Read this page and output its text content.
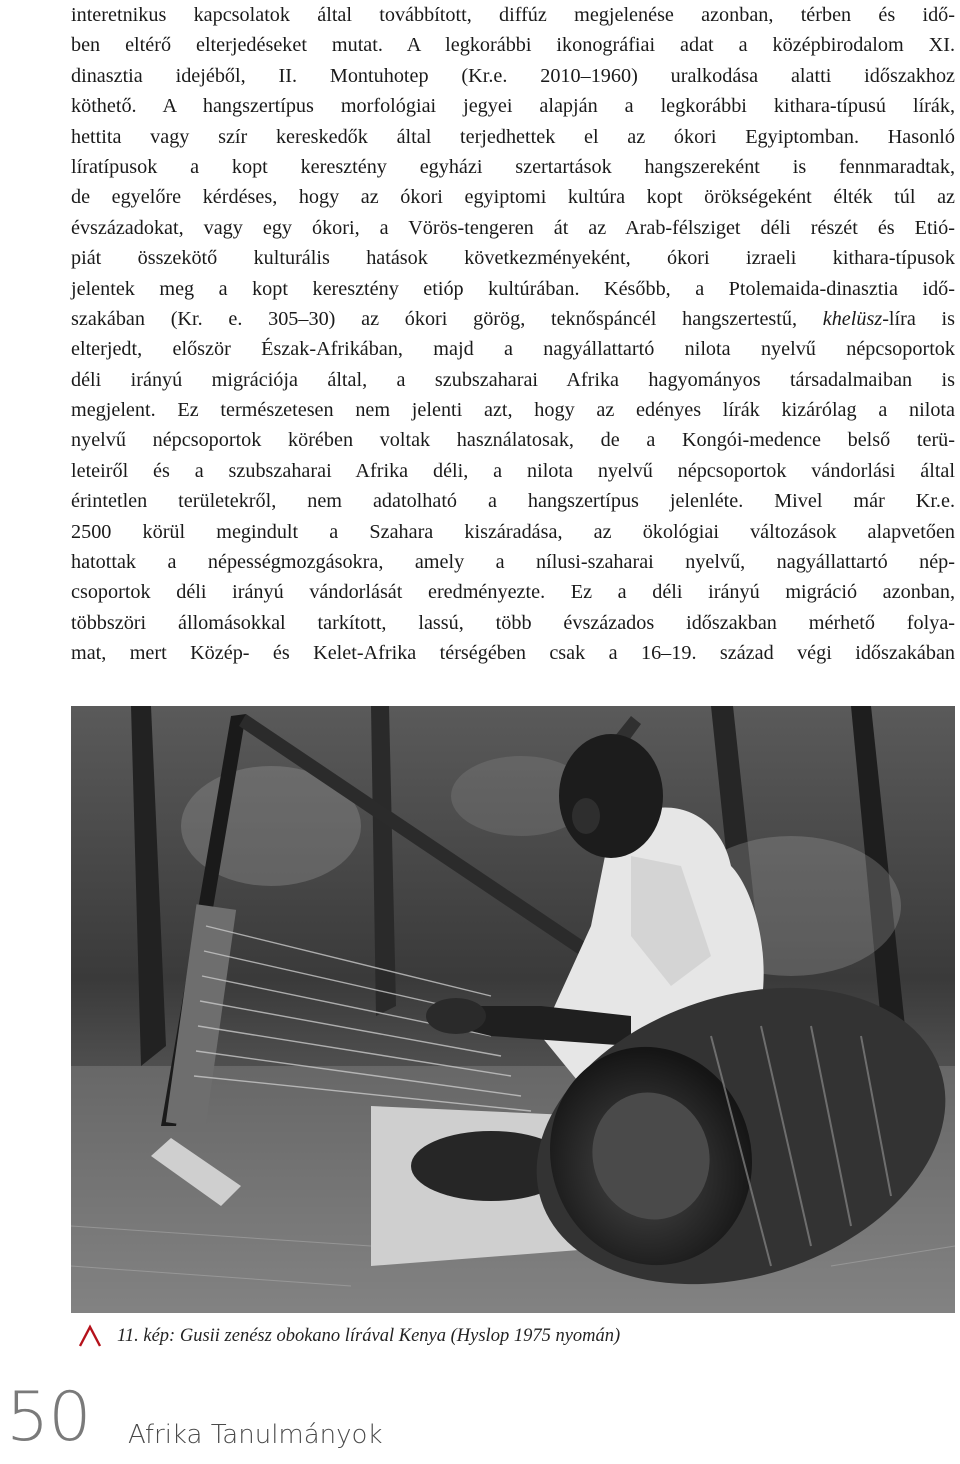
interetnikus kapcsolatok által továbbított, diffúz megjelenése azonban, térben és idő-
ben eltérő elterjedéseket mutat. A legkorábbi ikonográfiai adat a középbirodalom XI.
dinasztia idejéből, II. Montuhotep (Kr.e. 2010–1960) uralkodása alatti időszakhoz
köthető. A hangszertípus morfológiai jegyei alapján a legkorábbi kithara-típusú lírák,
hettita vagy szír kereskedők által terjedhettek el az ókori Egyiptomban. Hasonló
líratípusok a kopt keresztény egyházi szertartások hangszereként is fennmaradtak,
de egyelőre kérdéses, hogy az ókori egyiptomi kultúra kopt örökségeként élték túl az
évszázadokat, vagy egy ókori, a Vörös-tengeren át az Arab-félsziget déli részét és Etió-
piát összekötő kulturális hatások következményeként, ókori izraeli kithara-típusok
jelentek meg a kopt keresztény etióp kultúrában. Később, a Ptolemaida-dinasztia idő-
szakában (Kr. e. 305–30) az ókori görög, teknőspáncél hangszertestű, khelüsz-líra is
elterjedt, először Észak-Afrikában, majd a nagyállattartó nilota nyelvű népcsoportok
déli irányú migrációja által, a szubszaharai Afrika hagyományos társadalmaiban is
megjelent. Ez természetesen nem jelenti azt, hogy az edényes lírák kizárólag a nilota
nyelvű népcsoportok körében voltak használatosak, de a Kongói-medence belső terü-
leteiről és a szubszaharai Afrika déli, a nilota nyelvű népcsoportok vándorlási által
érintetlen területekről, nem adatolható a hangszertípus jelenléte. Mivel már Kr.e.
2500 körül megindult a Szahara kiszáradása, az ökológiai változások alapvetően
hatottak a népességmozgásokra, amely a nílusi-szaharai nyelvű, nagyállattartó nép-
csoportok déli irányú vándorlását eredményezte. Ez a déli irányú migráció azonban,
többszöri állomásokkal tarkított, lassú, több évszázados időszakban mérhető folya-
mat, mert Közép- és Kelet-Afrika térségében csak a 16–19. század végi időszakában
11. kép: Gusii zenész obokano lírával Kenya (Hyslop 1975 nyomán)
50 Afrika Tanulmányok
